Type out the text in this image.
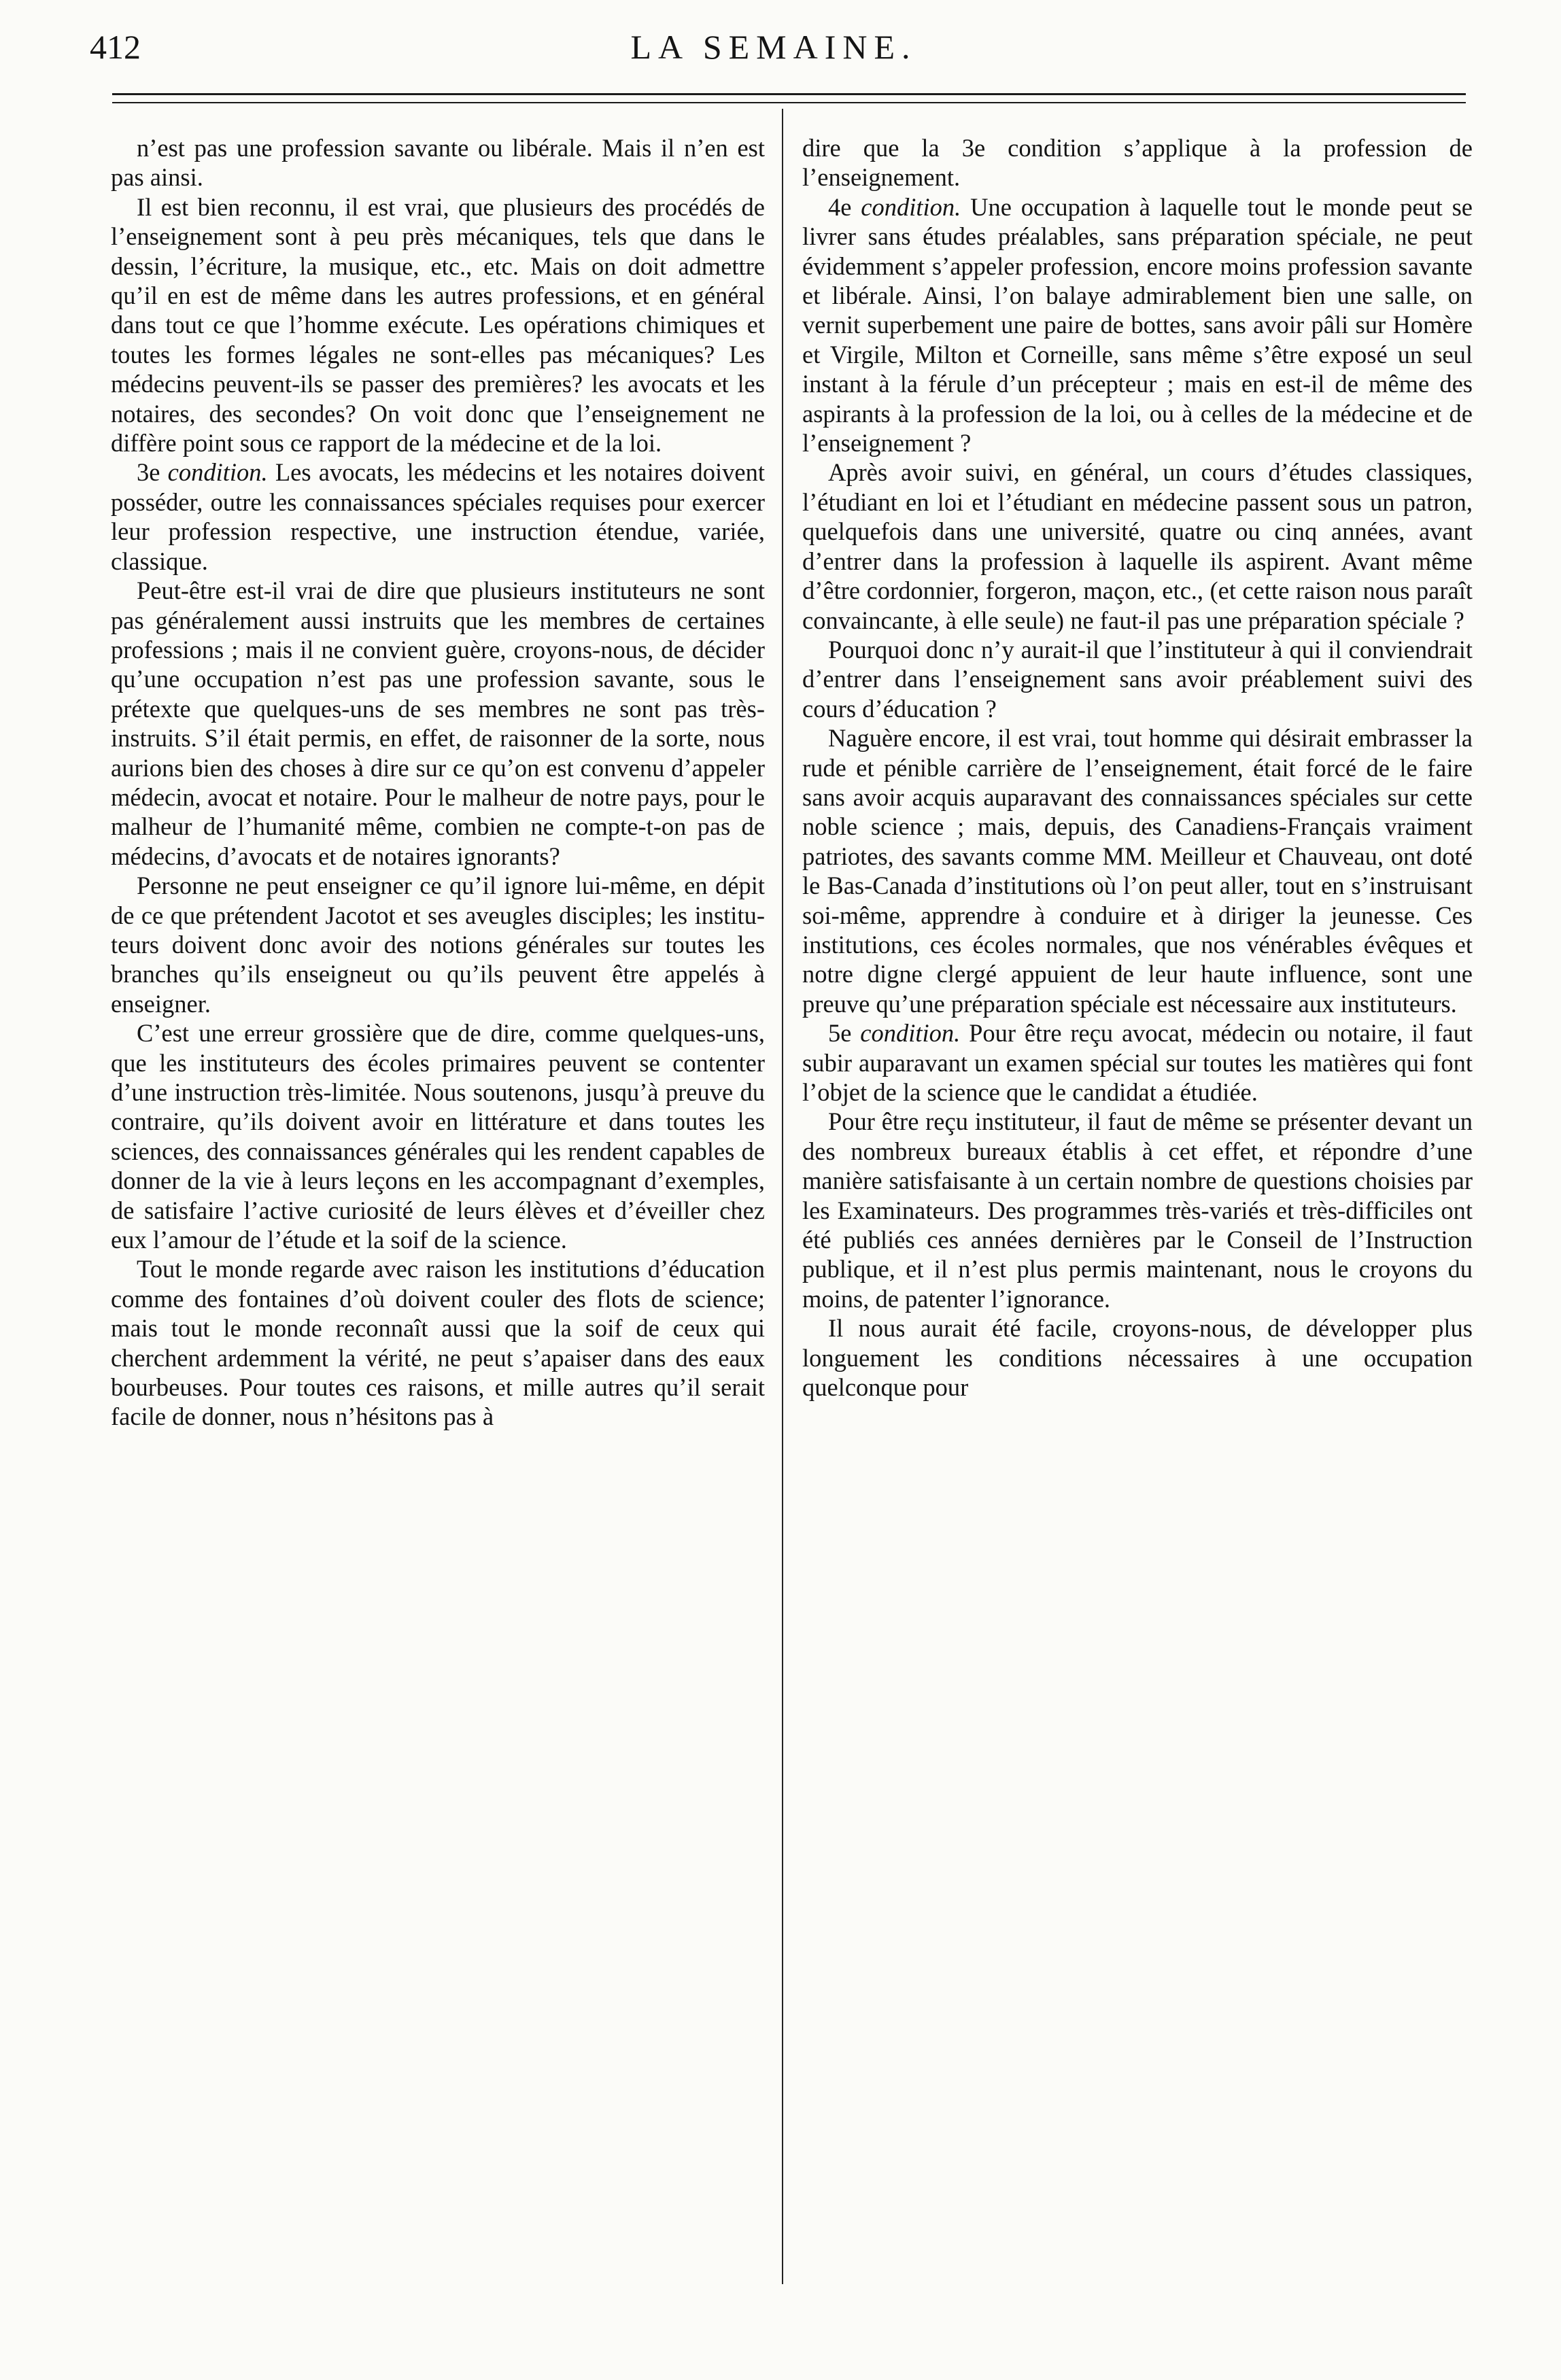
412	LA SEMAINE.

n’est pas une profession savante ou libérale. Mais il n’en est pas ainsi.

Il est bien reconnu, il est vrai, que plusieurs des procédés de l’enseignement sont à peu près mécaniques, tels que dans le dessin, l’écriture, la musique, etc., etc. Mais on doit admettre qu’il en est de même dans les autres professions, et en général dans tout ce que l’homme exécute. Les opérations chimiques et toutes les formes légales ne sont-elles pas mécaniques? Les médecins peuvent-ils se passer des premières? les avocats et les notaires, des secondes? On voit donc que l’enseignement ne diffère point sous ce rapport de la médecine et de la loi.

3e condition. Les avocats, les médecins et les notaires doivent posséder, outre les connaissances spéciales requises pour exercer leur profession respective, une instruction étendue, variée, classique.

Peut-être est-il vrai de dire que plusieurs instituteurs ne sont pas généralement aussi instruits que les membres de certaines professions ; mais il ne convient guère, croyons-nous, de décider qu’une occupation n’est pas une profession savante, sous le prétexte que quelques-uns de ses membres ne sont pas très-instruits. S’il était permis, en effet, de raisonner de la sorte, nous aurions bien des choses à dire sur ce qu’on est convenu d’appeler médecin, avocat et notaire. Pour le malheur de notre pays, pour le malheur de l’humanité même, combien ne compte-t-on pas de médecins, d’avocats et de notaires ignorants?

Personne ne peut enseigner ce qu’il ignore lui-même, en dépit de ce que prétendent Jacotot et ses aveugles disciples; les instituteurs doivent donc avoir des notions générales sur toutes les branches qu’ils enseigneut ou qu’ils peuvent être appelés à enseigner.

C’est une erreur grossière que de dire, comme quelques-uns, que les instituteurs des écoles primaires peuvent se contenter d’une instruction très-limitée. Nous soutenons, jusqu’à preuve du contraire, qu’ils doivent avoir en littérature et dans toutes les sciences, des connaissances générales qui les rendent capables de donner de la vie à leurs leçons en les accompagnant d’exemples, de satisfaire l’active curiosité de leurs élèves et d’éveiller chez eux l’amour de l’étude et la soif de la science.

Tout le monde regarde avec raison les institutions d’éducation comme des fontaines d’où doivent couler des flots de science; mais tout le monde reconnaît aussi que la soif de ceux qui cherchent ardemment la vérité, ne peut s’apaiser dans des eaux bourbeuses. Pour toutes ces raisons, et mille autres qu’il serait facile de donner, nous n’hésitons pas à

dire que la 3e condition s’applique à la profession de l’enseignement.

4e condition. Une occupation à laquelle tout le monde peut se livrer sans études préalables, sans préparation spéciale, ne peut évidemment s’appeler profession, encore moins profession savante et libérale. Ainsi, l’on balaye admirablement bien une salle, on vernit superbement une paire de bottes, sans avoir pâli sur Homère et Virgile, Milton et Corneille, sans même s’être exposé un seul instant à la férule d’un précepteur ; mais en est-il de même des aspirants à la profession de la loi, ou à celles de la médecine et de l’enseignement ?

Après avoir suivi, en général, un cours d’études classiques, l’étudiant en loi et l’étudiant en médecine passent sous un patron, quelquefois dans une université, quatre ou cinq années, avant d’entrer dans la profession à laquelle ils aspirent. Avant même d’être cordonnier, forgeron, maçon, etc., (et cette raison nous paraît convaincante, à elle seule) ne faut-il pas une préparation spéciale ?

Pourquoi donc n’y aurait-il que l’instituteur à qui il conviendrait d’entrer dans l’enseignement sans avoir préablement suivi des cours d’éducation ?

Naguère encore, il est vrai, tout homme qui désirait embrasser la rude et pénible carrière de l’enseignement, était forcé de le faire sans avoir acquis auparavant des connaissances spéciales sur cette noble science ; mais, depuis, des Canadiens-Français vraiment patriotes, des savants comme MM. Meilleur et Chauveau, ont doté le Bas-Canada d’institutions où l’on peut aller, tout en s’instruisant soi-même, apprendre à conduire et à diriger la jeunesse. Ces institutions, ces écoles normales, que nos vénérables évêques et notre digne clergé appuient de leur haute influence, sont une preuve qu’une préparation spéciale est nécessaire aux instituteurs.

5e condition. Pour être reçu avocat, médecin ou notaire, il faut subir auparavant un examen spécial sur toutes les matières qui font l’objet de la science que le candidat a étudiée.

Pour être reçu instituteur, il faut de même se présenter devant un des nombreux bureaux établis à cet effet, et répondre d’une manière satisfaisante à un certain nombre de questions choisies par les Examinateurs. Des programmes très-variés et très-difficiles ont été publiés ces années dernières par le Conseil de l’Instruction publique, et il n’est plus permis maintenant, nous le croyons du moins, de patenter l’ignorance.

Il nous aurait été facile, croyons-nous, de développer plus longuement les conditions nécessaires à une occupation quelconque pour
